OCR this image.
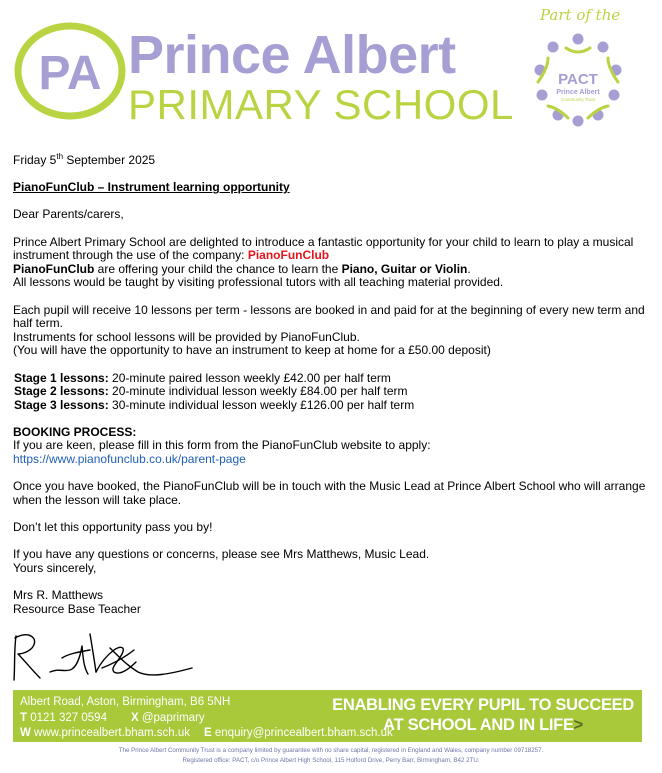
PA Prince Albert
PRIMARY SCHOOL
Part of the
PACT
Prince Albert
Community Trust

Friday 5th September 2025

PianoFunClub – Instrument learning opportunity

Dear Parents/carers,

Prince Albert Primary School are delighted to introduce a fantastic opportunity for your child to learn to play a musical instrument through the use of the company: PianoFunClub

PianoFunClub are offering your child the chance to learn the Piano, Guitar or Violin.

All lessons would be taught by visiting professional tutors with all teaching material provided.

Each pupil will receive 10 lessons per term - lessons are booked in and paid for at the beginning of every new term and half term.

Instruments for school lessons will be provided by PianoFunClub.

(You will have the opportunity to have an instrument to keep at home for a £50.00 deposit)

Stage 1 lessons: 20-minute paired lesson weekly £42.00 per half term

Stage 2 lessons: 20-minute individual lesson weekly £84.00 per half term

Stage 3 lessons: 30-minute individual lesson weekly £126.00 per half term

BOOKING PROCESS:

If you are keen, please fill in this form from the PianoFunClub website to apply:

https://www.pianofunclub.co.uk/parent-page

Once you have booked, the PianoFunClub will be in touch with the Music Lead at Prince Albert School who will arrange when the lesson will take place.

Don’t let this opportunity pass you by!

If you have any questions or concerns, please see Mrs Matthews, Music Lead.

Yours sincerely,

Mrs R. Matthews

Resource Base Teacher

Albert Road, Aston, Birmingham, B6 5NH
T 0121 327 0594 X @paprimary
W www.princealbert.bham.sch.uk E enquiry@princealbert.bham.sch.uk
ENABLING EVERY PUPIL TO SUCCEED
AT SCHOOL AND IN LIFE>
The Prince Albert Community Trust is a company limited by guarantee with no share capital, registered in England and Wales, company number 09718257.
Registered office: PACT, c/o Prince Albert High School, 115 Holford Drive, Perry Barr, Birmingham, B42 2TU.
